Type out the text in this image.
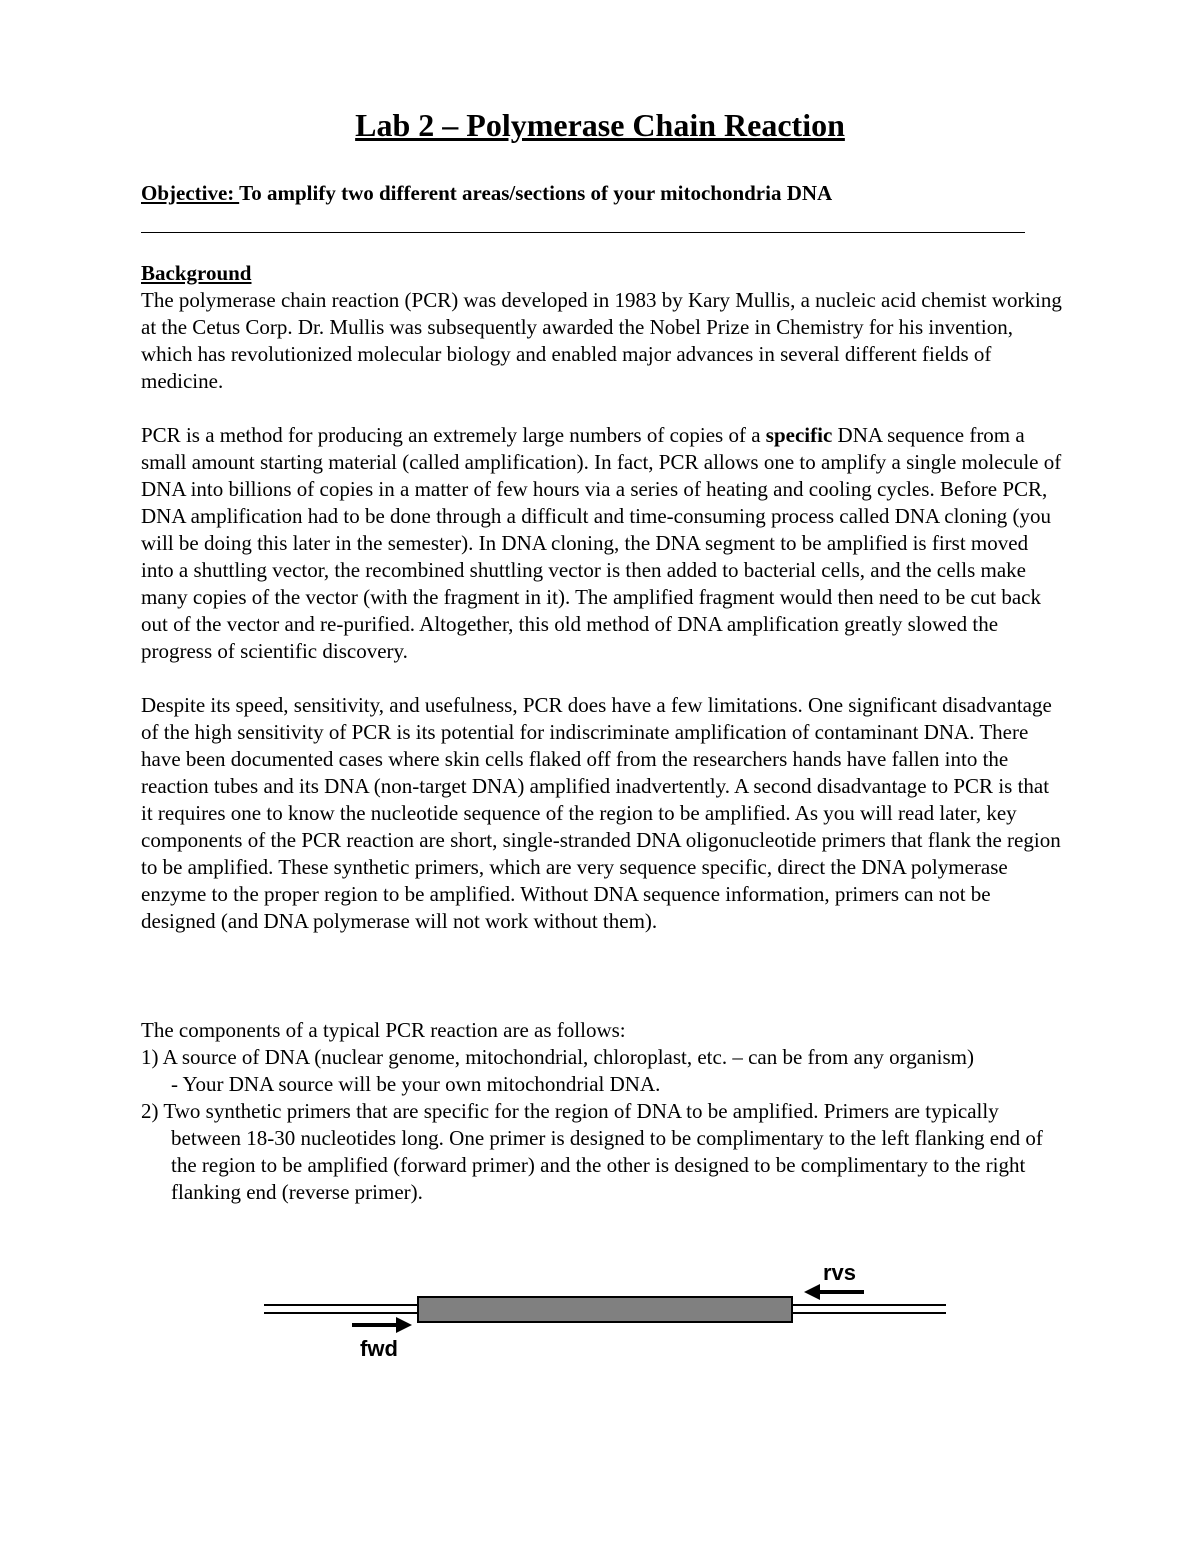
Lab 2 – Polymerase Chain Reaction
Objective: To amplify two different areas/sections of your mitochondria DNA
Background

The polymerase chain reaction (PCR) was developed in 1983 by Kary Mullis, a nucleic acid chemist working at the Cetus Corp. Dr. Mullis was subsequently awarded the Nobel Prize in Chemistry for his invention, which has revolutionized molecular biology and enabled major advances in several different fields of medicine.

PCR is a method for producing an extremely large numbers of copies of a specific DNA sequence from a small amount starting material (called amplification). In fact, PCR allows one to amplify a single molecule of DNA into billions of copies in a matter of few hours via a series of heating and cooling cycles. Before PCR, DNA amplification had to be done through a difficult and time-consuming process called DNA cloning (you will be doing this later in the semester). In DNA cloning, the DNA segment to be amplified is first moved into a shuttling vector, the recombined shuttling vector is then added to bacterial cells, and the cells make many copies of the vector (with the fragment in it). The amplified fragment would then need to be cut back out of the vector and re-purified. Altogether, this old method of DNA amplification greatly slowed the progress of scientific discovery.

Despite its speed, sensitivity, and usefulness, PCR does have a few limitations. One significant disadvantage of the high sensitivity of PCR is its potential for indiscriminate amplification of contaminant DNA. There have been documented cases where skin cells flaked off from the researchers hands have fallen into the reaction tubes and its DNA (non-target DNA) amplified inadvertently. A second disadvantage to PCR is that it requires one to know the nucleotide sequence of the region to be amplified. As you will read later, key components of the PCR reaction are short, single-stranded DNA oligonucleotide primers that flank the region to be amplified. These synthetic primers, which are very sequence specific, direct the DNA polymerase enzyme to the proper region to be amplified. Without DNA sequence information, primers can not be designed (and DNA polymerase will not work without them).

The components of a typical PCR reaction are as follows:

1) A source of DNA (nuclear genome, mitochondrial, chloroplast, etc. – can be from any organism)

- Your DNA source will be your own mitochondrial DNA.

2) Two synthetic primers that are specific for the region of DNA to be amplified. Primers are typically between 18-30 nucleotides long. One primer is designed to be complimentary to the left flanking end of the region to be amplified (forward primer) and the other is designed to be complimentary to the right flanking end (reverse primer).

rvs
fwd
